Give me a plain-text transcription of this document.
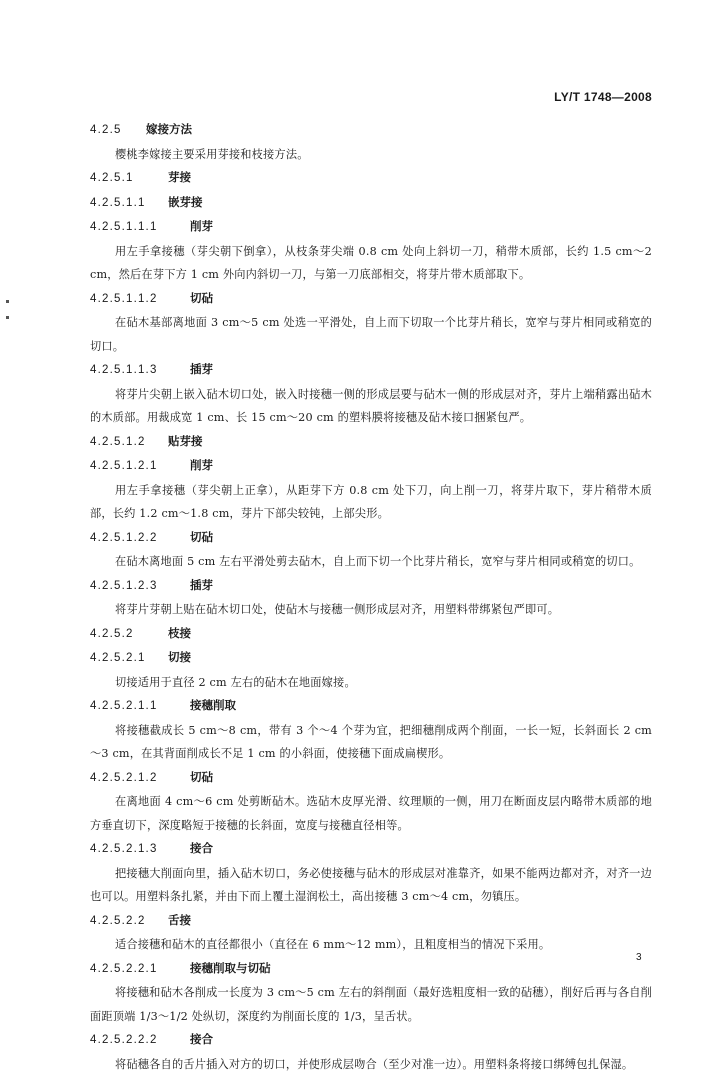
LY/T 1748—2008
4.2.5 嫁接方法
樱桃李嫁接主要采用芽接和枝接方法。
4.2.5.1	芽接
4.2.5.1.1 嵌芽接
4.2.5.1.1.1	削芽
用左手拿接穗（芽尖朝下倒拿），从枝条芽尖端 0.8 cm 处向上斜切一刀，稍带木质部，长约 1.5 cm～2 cm，然后在芽下方 1 cm 外向内斜切一刀，与第一刀底部相交，将芽片带木质部取下。
4.2.5.1.1.2	切砧
在砧木基部离地面 3 cm～5 cm 处选一平滑处，自上而下切取一个比芽片稍长，宽窄与芽片相同或稍宽的切口。
4.2.5.1.1.3	插芽
将芽片尖朝上嵌入砧木切口处，嵌入时接穗一侧的形成层要与砧木一侧的形成层对齐，芽片上端稍露出砧木的木质部。用裁成宽 1 cm、长 15 cm～20 cm 的塑料膜将接穗及砧木接口捆紧包严。
4.2.5.1.2 贴芽接
4.2.5.1.2.1	削芽
用左手拿接穗（芽尖朝上正拿），从距芽下方 0.8 cm 处下刀，向上削一刀，将芽片取下，芽片稍带木质部，长约 1.2 cm～1.8 cm，芽片下部尖较钝，上部尖形。
4.2.5.1.2.2	切砧
在砧木离地面 5 cm 左右平滑处剪去砧木，自上而下切一个比芽片稍长，宽窄与芽片相同或稍宽的切口。
4.2.5.1.2.3	插芽
将芽片芽朝上贴在砧木切口处，使砧木与接穗一侧形成层对齐，用塑料带绑紧包严即可。
4.2.5.2	枝接
4.2.5.2.1 切接
切接适用于直径 2 cm 左右的砧木在地面嫁接。
4.2.5.2.1.1	接穗削取
将接穗截成长 5 cm～8 cm，带有 3 个～4 个芽为宜，把细穗削成两个削面，一长一短，长斜面长 2 cm～3 cm，在其背面削成长不足 1 cm 的小斜面，使接穗下面成扁楔形。
4.2.5.2.1.2	切砧
在离地面 4 cm～6 cm 处剪断砧木。选砧木皮厚光滑、纹理顺的一侧，用刀在断面皮层内略带木质部的地方垂直切下，深度略短于接穗的长斜面，宽度与接穗直径相等。
4.2.5.2.1.3	接合
把接穗大削面向里，插入砧木切口，务必使接穗与砧木的形成层对准靠齐，如果不能两边都对齐，对齐一边也可以。用塑料条扎紧，并由下而上覆土湿润松土，高出接穗 3 cm～4 cm，勿镇压。
4.2.5.2.2 舌接
适合接穗和砧木的直径都很小（直径在 6 mm～12 mm），且粗度相当的情况下采用。
4.2.5.2.2.1	接穗削取与切砧
将接穗和砧木各削成一长度为 3 cm～5 cm 左右的斜削面（最好选粗度相一致的砧穗），削好后再与各自削面距顶端 1/3～1/2 处纵切，深度约为削面长度的 1/3，呈舌状。
4.2.5.2.2.2	接合
将砧穗各自的舌片插入对方的切口，并使形成层吻合（至少对准一边）。用塑料条将接口绑缚包扎保湿。
3
